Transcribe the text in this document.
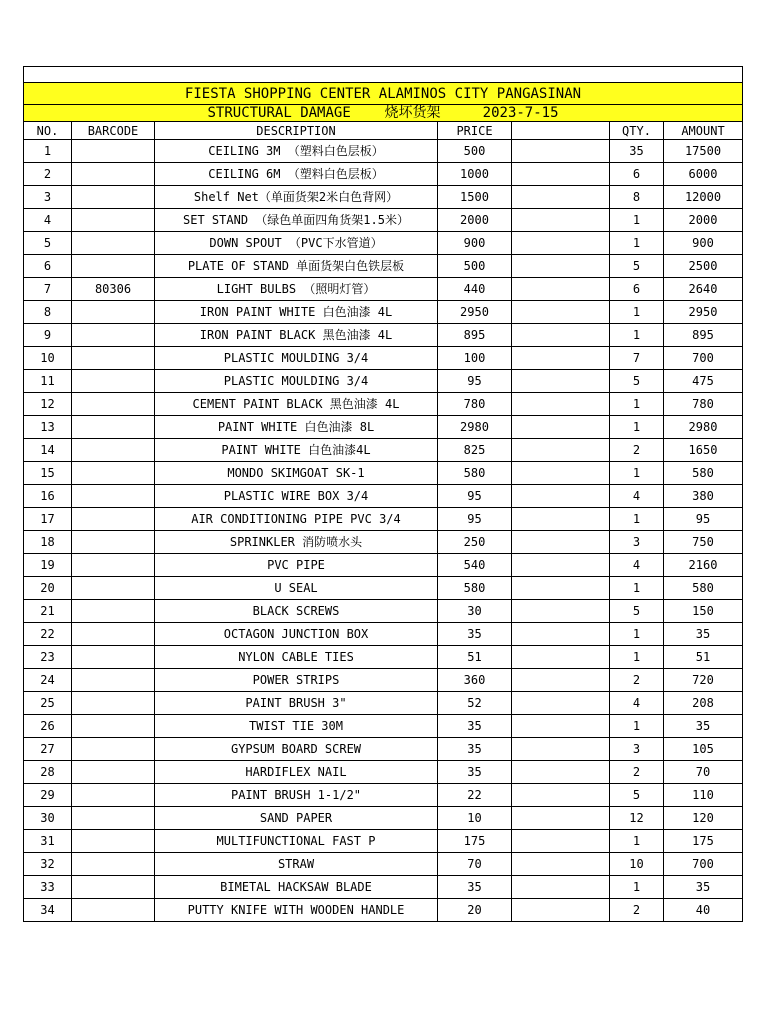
FIESTA SHOPPING CENTER ALAMINOS CITY PANGASINAN						
STRUCTURAL DAMAGE 烧坏货架 2023-7-15						
NO.	BARCODE	DESCRIPTION	PRICE		QTY.	AMOUNT
1		CEILING 3M （塑料白色层板）	500		35	17500
2		CEILING 6M （塑料白色层板）	1000		6	6000
3		Shelf Net（单面货架2米白色背网）	1500		8	12000
4		SET STAND （绿色单面四角货架1.5米）	2000		1	2000
5		DOWN SPOUT （PVC下水管道）	900		1	900
6		PLATE OF STAND 单面货架白色铁层板	500		5	2500
7	80306	LIGHT BULBS （照明灯管）	440		6	2640
8		IRON PAINT WHITE 白色油漆 4L	2950		1	2950
9		IRON PAINT BLACK 黑色油漆 4L	895		1	895
10		PLASTIC MOULDING 3/4	100		7	700
11		PLASTIC MOULDING 3/4	95		5	475
12		CEMENT PAINT BLACK 黑色油漆 4L	780		1	780
13		PAINT WHITE 白色油漆 8L	2980		1	2980
14		PAINT WHITE 白色油漆4L	825		2	1650
15		MONDO SKIMGOAT SK-1	580		1	580
16		PLASTIC WIRE BOX 3/4	95		4	380
17		AIR CONDITIONING PIPE PVC 3/4	95		1	95
18		SPRINKLER 消防喷水头	250		3	750
19		PVC PIPE	540		4	2160
20		U SEAL	580		1	580
21		BLACK SCREWS	30		5	150
22		OCTAGON JUNCTION BOX	35		1	35
23		NYLON CABLE TIES	51		1	51
24		POWER STRIPS	360		2	720
25		PAINT BRUSH 3"	52		4	208
26		TWIST TIE 30M	35		1	35
27		GYPSUM BOARD SCREW	35		3	105
28		HARDIFLEX NAIL	35		2	70
29		PAINT BRUSH 1-1/2"	22		5	110
30		SAND PAPER	10		12	120
31		MULTIFUNCTIONAL FAST P	175		1	175
32		STRAW	70		10	700
33		BIMETAL HACKSAW BLADE	35		1	35
34		PUTTY KNIFE WITH WOODEN HANDLE	20		2	40
